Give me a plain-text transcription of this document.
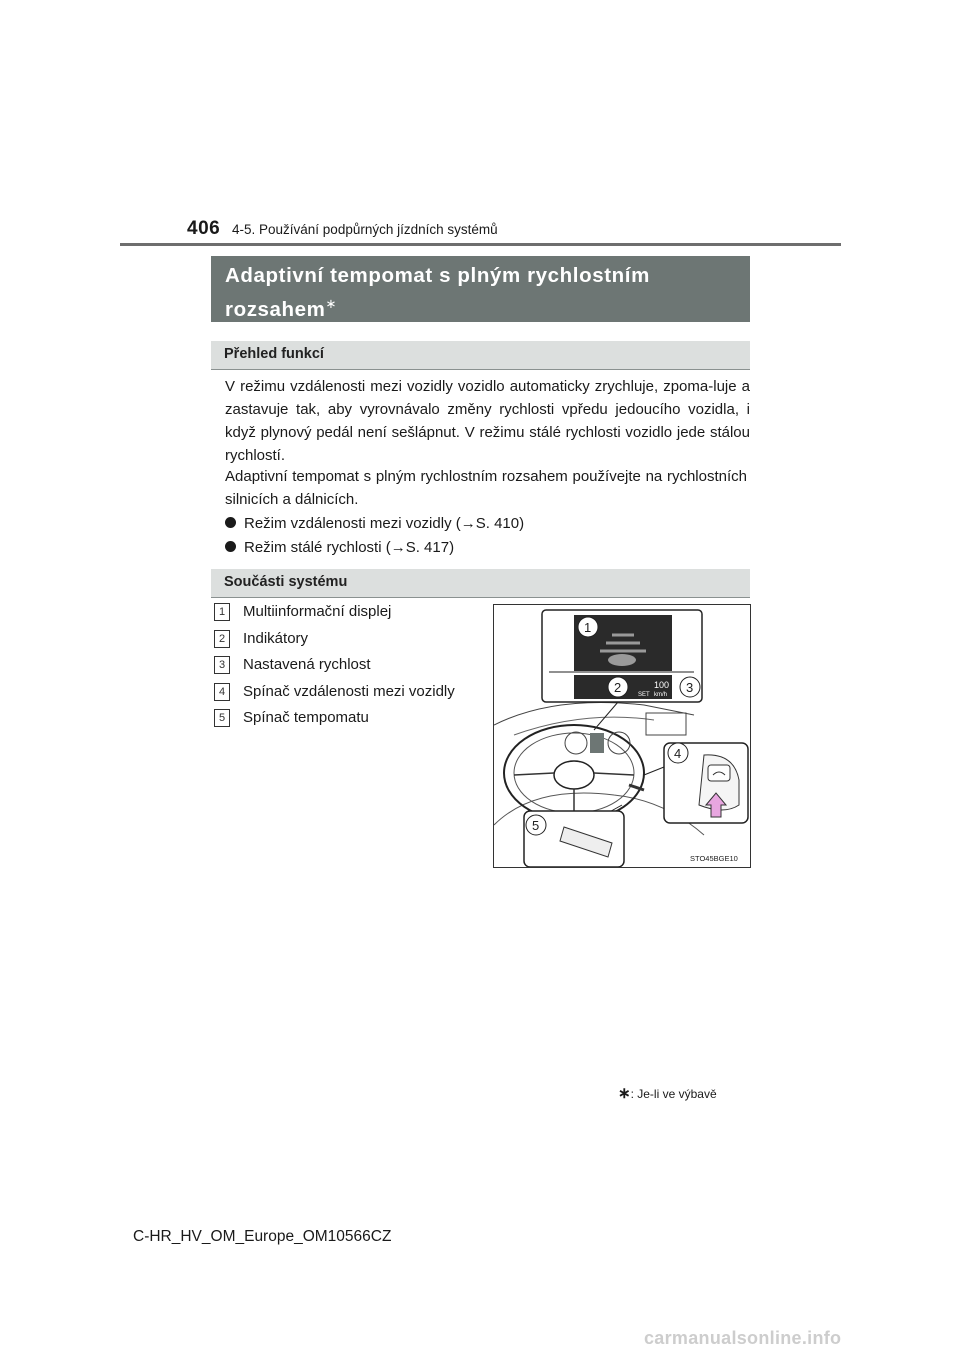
406 4-5. Používání podpůrných jízdních systémů
Adaptivní tempomat s plným rychlostním rozsahem∗
Přehled funkcí
V režimu vzdálenosti mezi vozidly vozidlo automaticky zrychluje, zpoma-luje a zastavuje tak, aby vyrovnávalo změny rychlosti vpředu jedoucího vozidla, i když plynový pedál není sešlápnut. V režimu stálé rychlosti vozidlo jede stálou rychlostí.
Adaptivní tempomat s plným rychlostním rozsahem používejte na rychlostních silnicích a dálnicích.
Režim vzdálenosti mezi vozidly (→S. 410)
Režim stálé rychlosti (→S. 417)
Součásti systému
1	Multiinformační displej
2	Indikátory
3	Nastavená rychlost
4	Spínač vzdálenosti mezi vozidly
5	Spínač tempomatu
100
SET km/h
1
2	3
4
5
STO45BGE10
∗: Je-li ve výbavě
C-HR_HV_OM_Europe_OM10566CZ
carmanualsonline.info
